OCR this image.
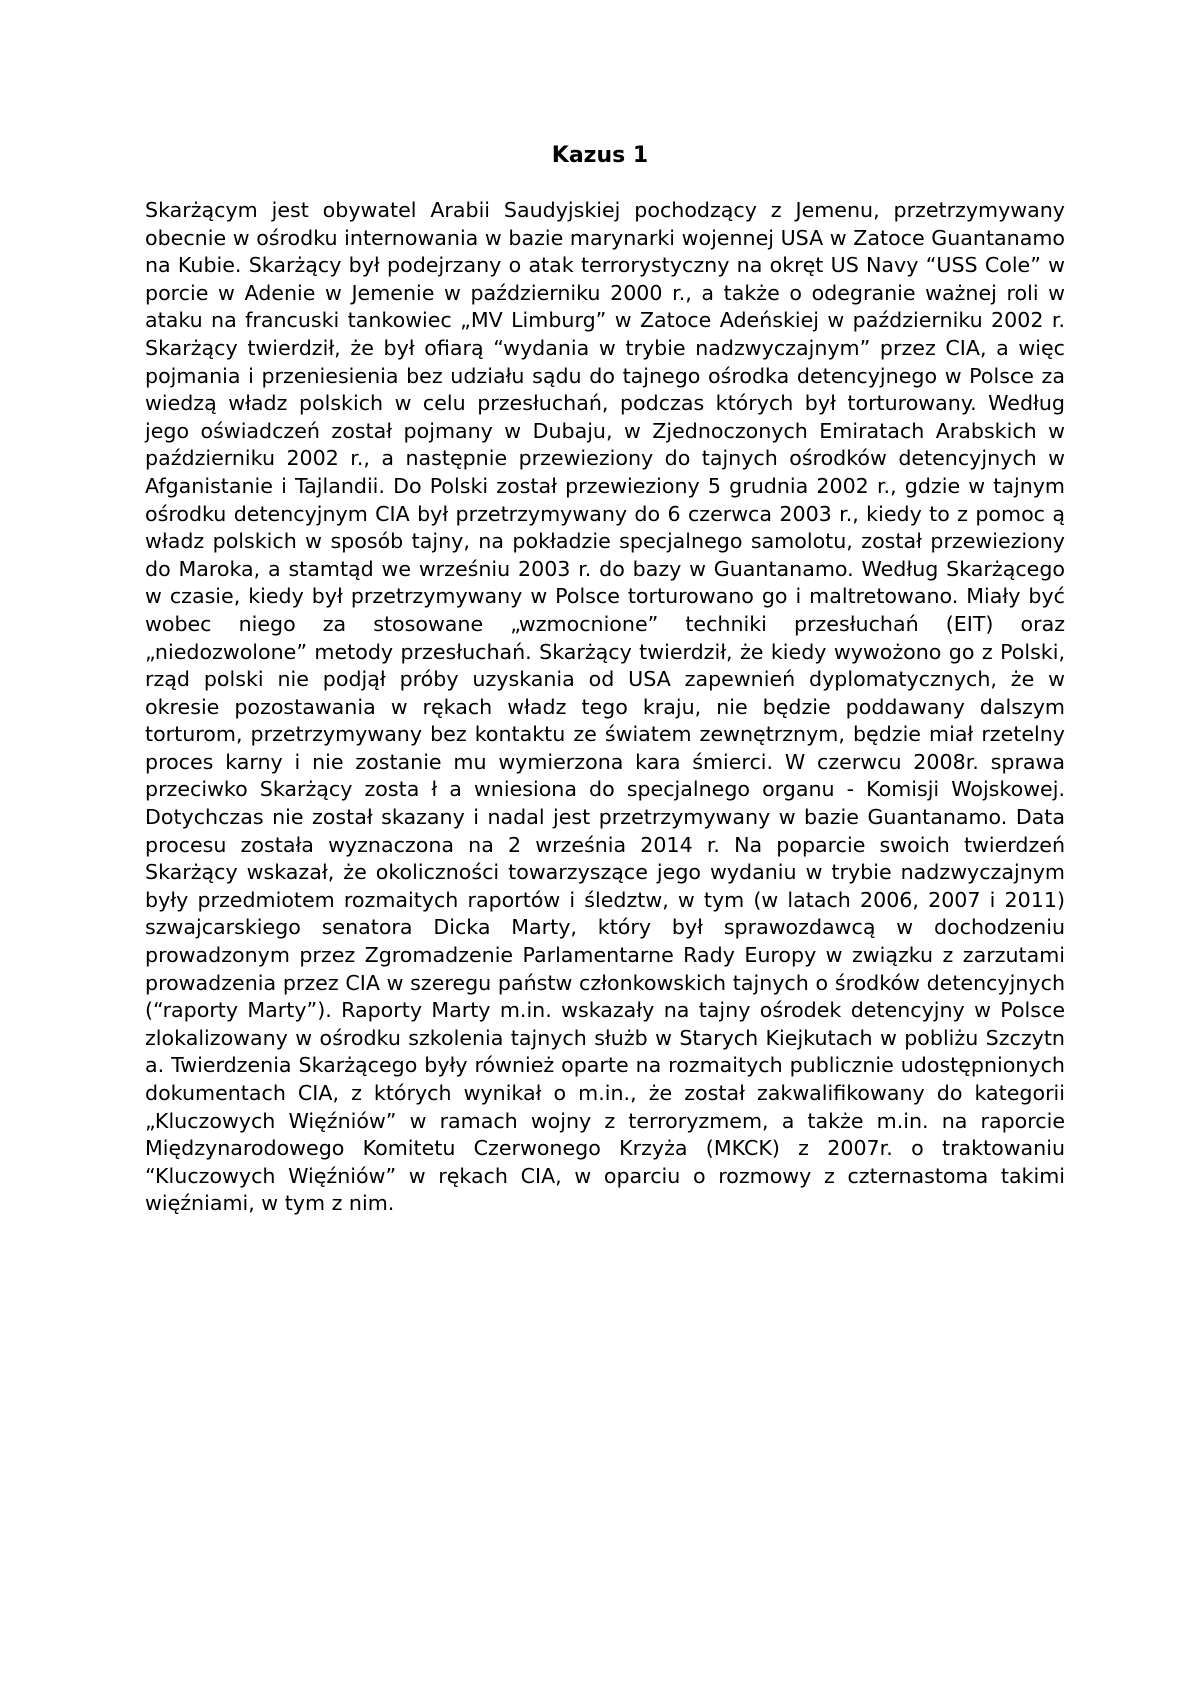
Kazus 1

Skarżącym jest obywatel Arabii Saudyjskiej pochodzący z Jemenu, przetrzymywany obecnie w ośrodku internowania w bazie marynarki wojennej USA w Zatoce Guantanamo na Kubie. Skarżący był podejrzany o atak terrorystyczny na okręt US Navy “USS Cole” w porcie w Adenie w Jemenie w październiku 2000 r., a także o odegranie ważnej roli w ataku na francuski tankowiec „MV Limburg” w Zatoce Adeńskiej w październiku 2002 r. Skarżący twierdził, że był ofiarą “wydania w trybie nadzwyczajnym” przez CIA, a więc pojmania i przeniesienia bez udziału sądu do tajnego ośrodka detencyjnego w Polsce za wiedzą władz polskich w celu przesłuchań, podczas których był torturowany. Według jego oświadczeń został pojmany w Dubaju, w Zjednoczonych Emiratach Arabskich w październiku 2002 r., a następnie przewieziony do tajnych ośrodków detencyjnych w Afganistanie i Tajlandii. Do Polski został przewieziony 5 grudnia 2002 r., gdzie w tajnym ośrodku detencyjnym CIA był przetrzymywany do 6 czerwca 2003 r., kiedy to z pomoc ą władz polskich w sposób tajny, na pokładzie specjalnego samolotu, został przewieziony do Maroka, a stamtąd we wrześniu 2003 r. do bazy w Guantanamo. Według Skarżącego w czasie, kiedy był przetrzymywany w Polsce torturowano go i maltretowano. Miały być wobec niego za stosowane „wzmocnione” techniki przesłuchań (EIT) oraz „niedozwolone” metody przesłuchań. Skarżący twierdził, że kiedy wywożono go z Polski, rząd polski nie podjął próby uzyskania od USA zapewnień dyplomatycznych, że w okresie pozostawania w rękach władz tego kraju, nie będzie poddawany dalszym torturom, przetrzymywany bez kontaktu ze światem zewnętrznym, będzie miał rzetelny proces karny i nie zostanie mu wymierzona kara śmierci. W czerwcu 2008r. sprawa przeciwko Skarżący zosta ł a wniesiona do specjalnego organu - Komisji Wojskowej. Dotychczas nie został skazany i nadal jest przetrzymywany w bazie Guantanamo. Data procesu została wyznaczona na 2 września 2014 r. Na poparcie swoich twierdzeń Skarżący wskazał, że okoliczności towarzyszące jego wydaniu w trybie nadzwyczajnym były przedmiotem rozmaitych raportów i śledztw, w tym (w latach 2006, 2007 i 2011) szwajcarskiego senatora Dicka Marty, który był sprawozdawcą w dochodzeniu prowadzonym przez Zgromadzenie Parlamentarne Rady Europy w związku z zarzutami prowadzenia przez CIA w szeregu państw członkowskich tajnych o środków detencyjnych (“raporty Marty”). Raporty Marty m.in. wskazały na tajny ośrodek detencyjny w Polsce zlokalizowany w ośrodku szkolenia tajnych służb w Starych Kiejkutach w pobliżu Szczytn a. Twierdzenia Skarżącego były również oparte na rozmaitych publicznie udostępnionych dokumentach CIA, z których wynikał o m.in., że został zakwalifikowany do kategorii „Kluczowych Więźniów” w ramach wojny z terroryzmem, a także m.in. na raporcie Międzynarodowego Komitetu Czerwonego Krzyża (MKCK) z 2007r. o traktowaniu “Kluczowych Więźniów” w rękach CIA, w oparciu o rozmowy z czternastoma takimi więźniami, w tym z nim.
